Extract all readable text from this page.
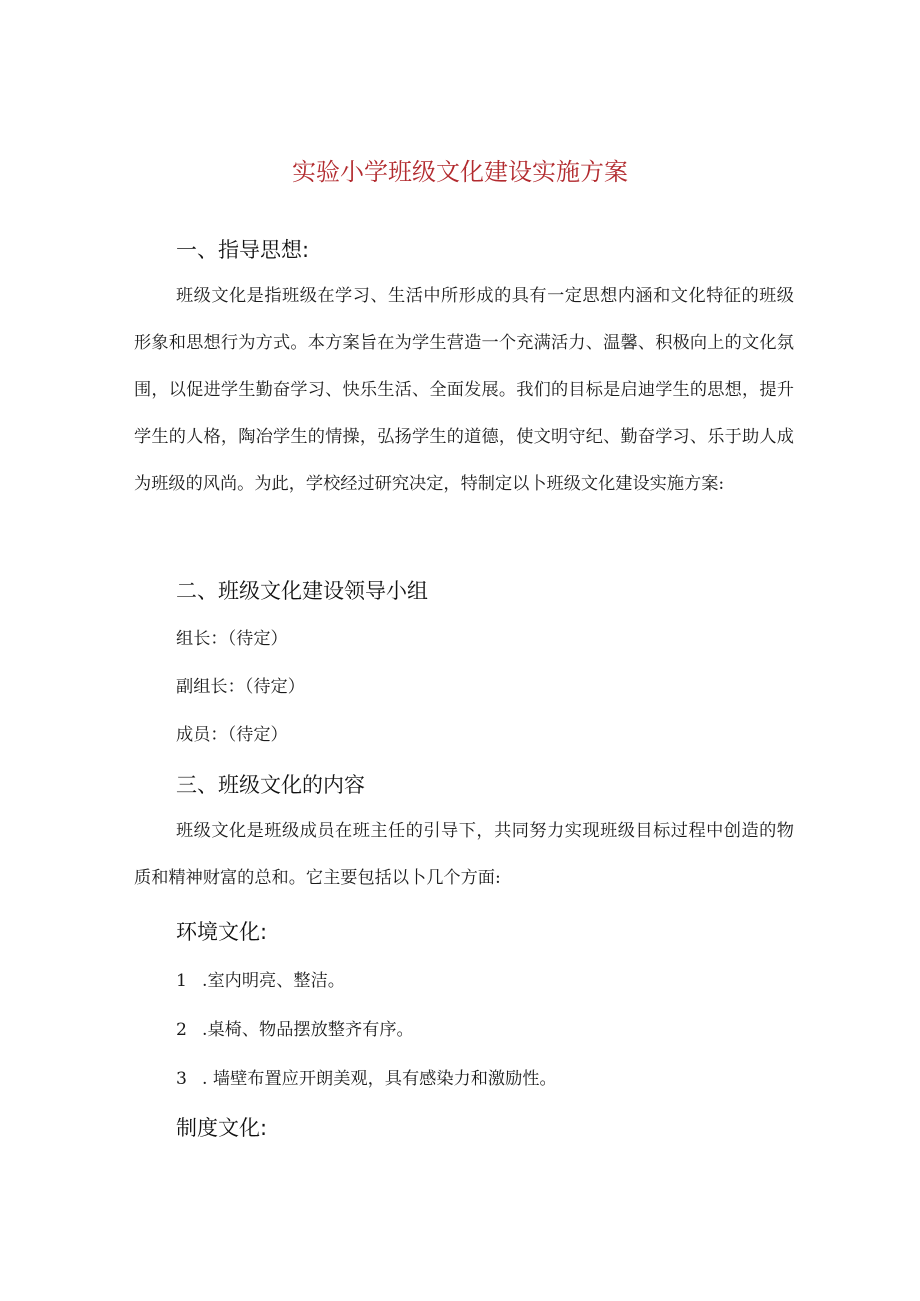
实验小学班级文化建设实施方案
一、指导思想:
班级文化是指班级在学习、生活中所形成的具有一定思想内涵和文化特征的班级形象和思想行为方式。本方案旨在为学生营造一个充满活力、温馨、积极向上的文化氛围，以促进学生勤奋学习、快乐生活、全面发展。我们的目标是启迪学生的思想，提升学生的人格，陶冶学生的情操，弘扬学生的道德，使文明守纪、勤奋学习、乐于助人成为班级的风尚。为此，学校经过研究决定，特制定以卜班级文化建设实施方案:
二、班级文化建设领导小组
组长：（待定）
副组长：（待定）
成员：（待定）
三、班级文化的内容
班级文化是班级成员在班主任的引导下，共同努力实现班级目标过程中创造的物质和精神财富的总和。它主要包括以卜几个方面:
环境文化:
1 .室内明亮、整洁。
2 .桌椅、物品摆放整齐有序。
3 . 墙壁布置应开朗美观，具有感染力和激励性。
制度文化:
